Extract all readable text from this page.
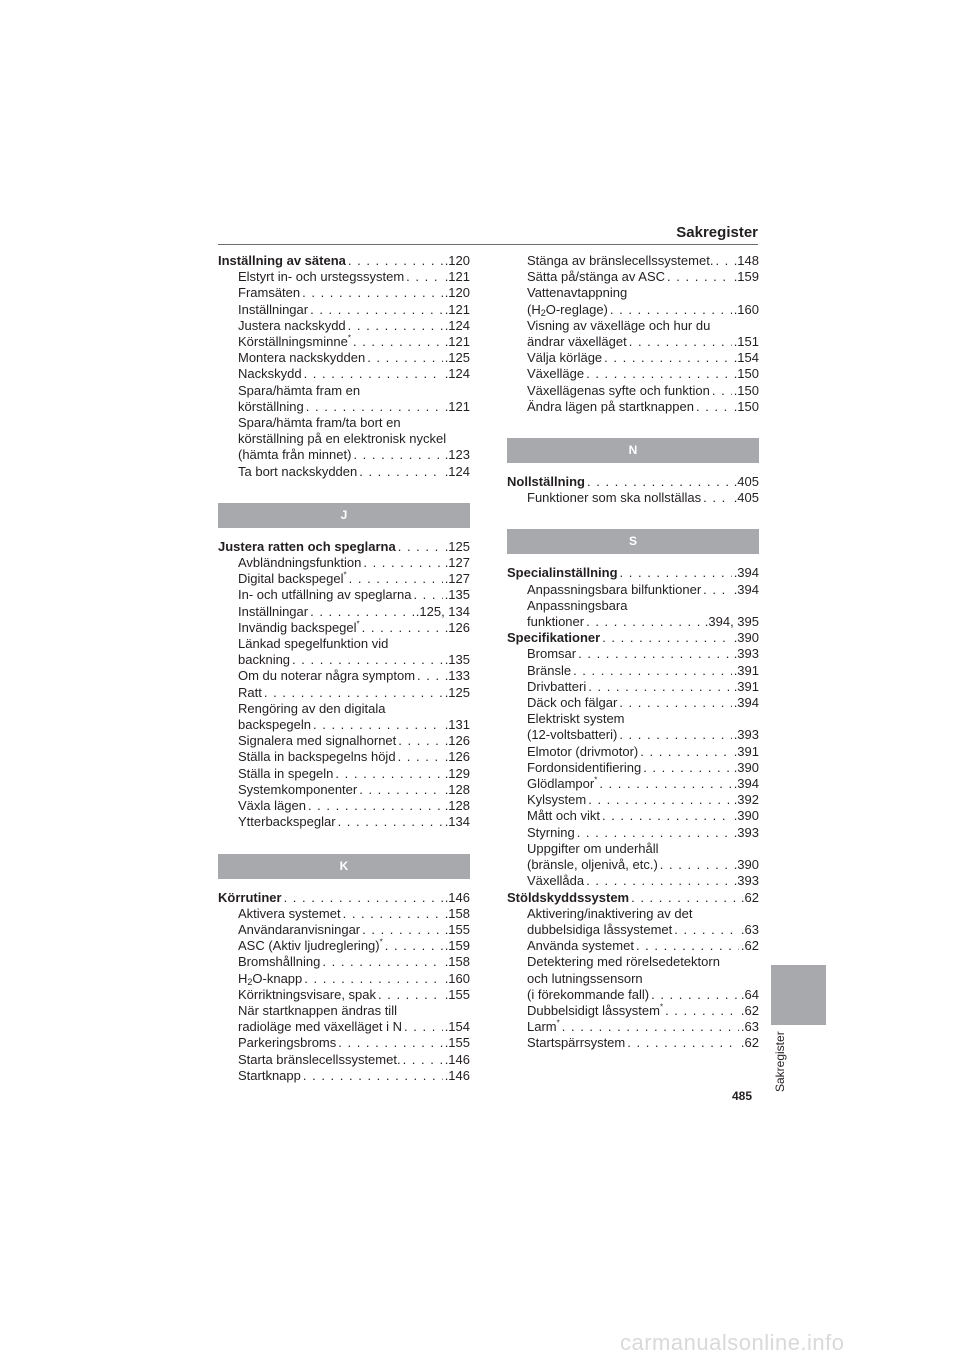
Sakregister
Inställning av sätena . . .	.120
Elstyrt in- och urstegssystem . . .	.121
Framsäten . . .	.120
Inställningar . . .	.121
Justera nackskydd . . .	.124
Körställningsminne* . . .	.121
Montera nackskydden . . .	.125
Nackskydd . . .	.124
Spara/hämta fram en
körställning . . .	.121
Spara/hämta fram/ta bort en
körställning på en elektronisk nyckel
(hämta från minnet) . . .	.123
Ta bort nackskydden . . .	.124
J
Justera ratten och speglarna . . .	.125
Avbländningsfunktion . . .	.127
Digital backspegel* . . .	.127
In- och utfällning av speglarna . . .	.135
Inställningar . . .	.125, 134
Invändig backspegel* . . .	.126
Länkad spegelfunktion vid
backning . . .	.135
Om du noterar några symptom . . . .133
Ratt . . .	.125
Rengöring av den digitala
backspegeln . . .	.131
Signalera med signalhornet . . .	.126
Ställa in backspegelns höjd . . .	.126
Ställa in spegeln . . .	.129
Systemkomponenter . . .	.128
Växla lägen . . .	.128
Ytterbackspeglar . . .	.134
K
Körrutiner . . .	.146
Aktivera systemet . . .	.158
Användaranvisningar . . .	.155
ASC (Aktiv ljudreglering)* . . .	.159
Bromshållning . . .	.158
$H_2O$-knapp . . .	.160
Körriktningsvisare, spak . . .	.155
När startknappen ändras till
radioläge med växelläget i N . . .	.154
Parkeringsbroms . . .	.155
Starta bränslecellssystemet. . . .	.146
Startknapp . . .	.146
Stänga av bränslecellssystemet. . . . .148
Sätta på/stänga av ASC . . .	.159
Vattenavtappning
$(H_2O-reglage)$ . . .	.160
Visning av växelläge och hur du
ändrar växelläget . . .	.151
Välja körläge . . .	.154
Växelläge . . .	.150
Växellägenas syfte och funktion . . . .150
Ändra lägen på startknappen . . .	.150
N
Nollställning . . .	.405
Funktioner som ska nollställas . . .	.405
S
Specialinställning . . .	.394
Anpassningsbara bilfunktioner . . .	.394
Anpassningsbara
funktioner . . .	.394, 395
Specifikationer . . .	.390
Bromsar . . .	.393
Bränsle . . .	.391
Drivbatteri . . .	.391
Däck och fälgar . . .	.394
Elektriskt system
(12-voltsbatteri) . . .	.393
Elmotor (drivmotor) . . .	.391
Fordonsidentifiering . . .	.390
Glödlampor* . . .	.394
Kylsystem . . .	.392
Mått och vikt . . .	.390
Styrning . . .	.393
Uppgifter om underhåll
(bränsle, oljenivå, etc.) . . .	.390
Växellåda . . .	.393
Stöldskyddssystem . . .	.62
Aktivering/inaktivering av det
dubbelsidiga låssystemet . . .	.63
Använda systemet . . .	.62
Detektering med rörelsedetektorn
och lutningssensorn
(i förekommande fall) . . .	.64
Dubbelsidigt låssystem* . . .	.62
Larm* . . .	.63
Startspärrsystem . . .	.62 Sakregister
485
carmanualsonline.info
